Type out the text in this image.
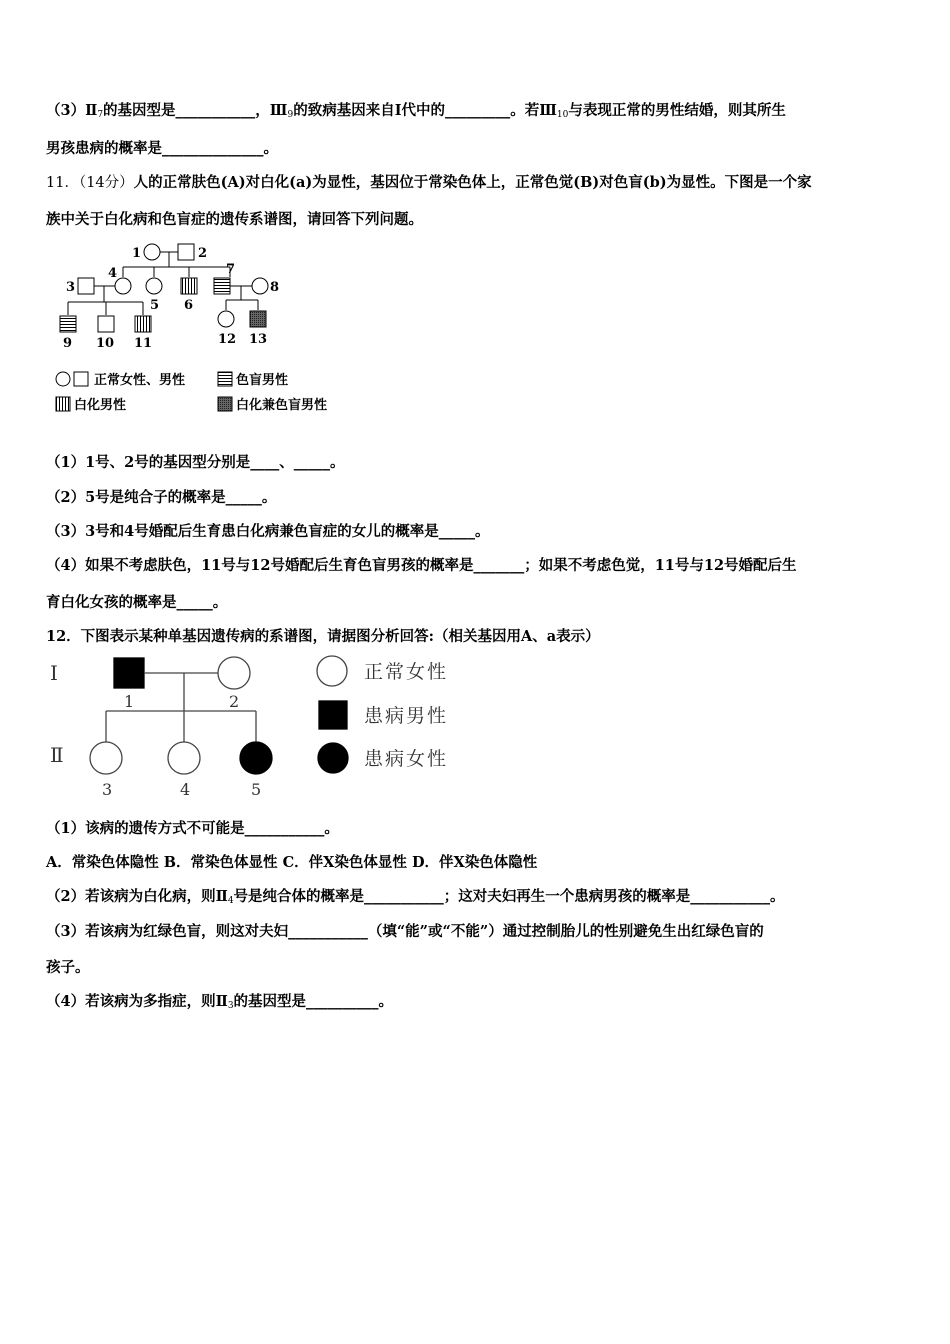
$(3)Ⅱ_7$的基因型是___________，$Ⅲ_9$的致病基因来自Ⅰ代中的_________。若$Ⅲ_{10}$与表现正常的男性结婚，则其所生
男孩患病的概率是______________。
11．（14分）人的正常肤色(A)对白化(a)为显性，基因位于常染色体上，正常色觉(B)对色盲(b)为显性。下图是一个家
族中关于白化病和色盲症的遗传系谱图，请回答下列问题。
1	2
3
4
5 6
7
8
9 10 11	12 13
正常女性、男性	色盲男性
白化男性	白化兼色盲男性
（1）1号、2号的基因型分别是____、_____。
（2）5号是纯合子的概率是_____。
（3）3号和4号婚配后生育患白化病兼色盲症的女儿的概率是_____。
（4）如果不考虑肤色，11号与12号婚配后生育色盲男孩的概率是_______；如果不考虑色觉，11号与12号婚配后生
育白化女孩的概率是_____。
12．下图表示某种单基因遗传病的系谱图，请据图分析回答:（相关基因用A、a表示）
Ⅰ
Ⅱ
1	2
3	4	5
正常女性
患病男性
患病女性
（1）该病的遗传方式不可能是___________。
A．常染色体隐性 B．常染色体显性 C．伴X染色体显性 D．伴X染色体隐性
（2）若该病为白化病，则$Ⅱ_4$号是纯合体的概率是___________；这对夫妇再生一个患病男孩的概率是___________。
（3）若该病为红绿色盲，则这对夫妇___________（填“能”或“不能”）通过控制胎儿的性别避免生出红绿色盲的
孩子。
（4）若该病为多指症，则$Ⅱ_3$的基因型是__________。
